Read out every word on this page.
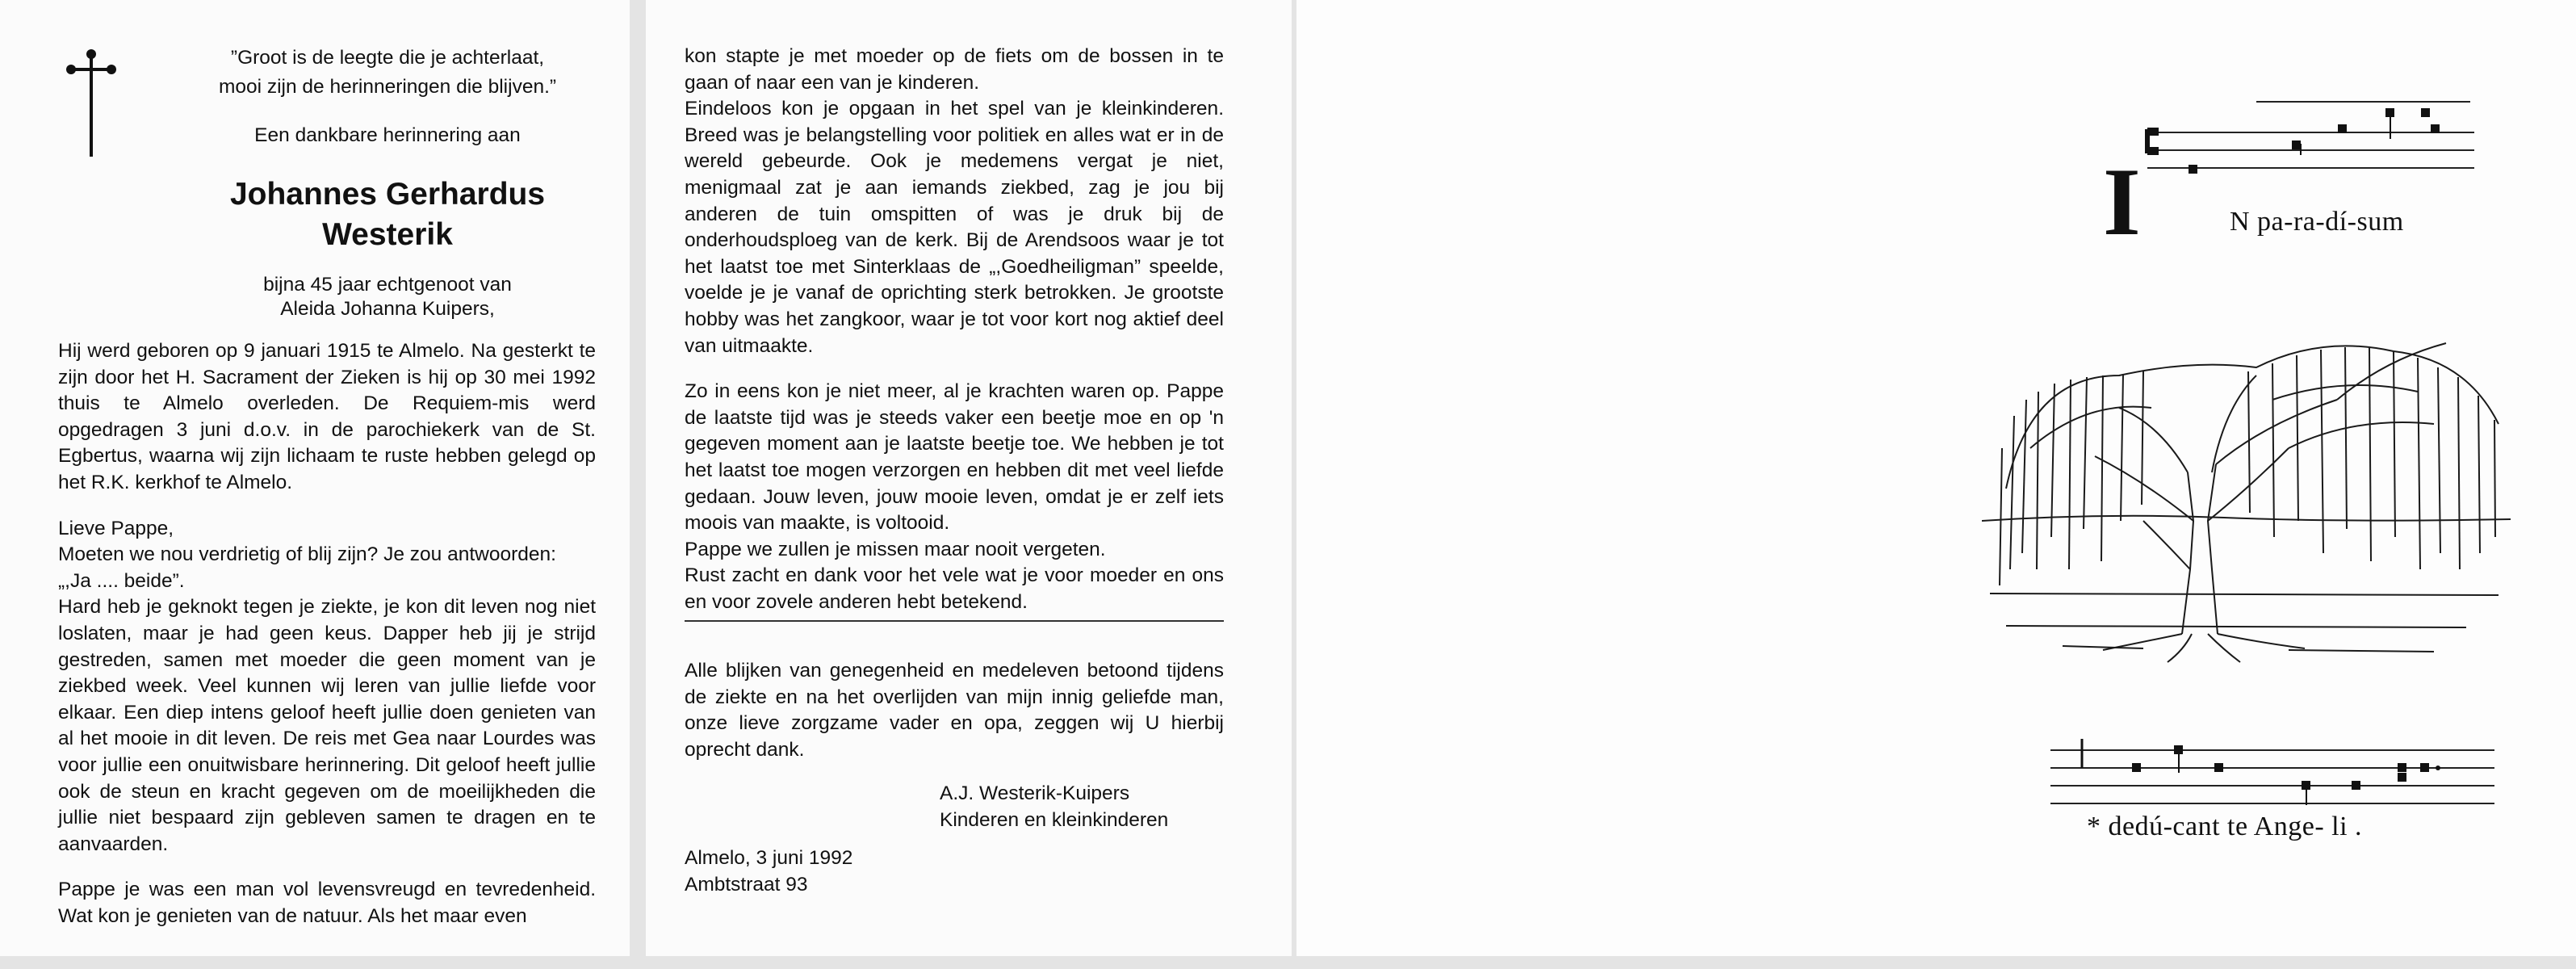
”Groot is de leegte die je achterlaat,
mooi zijn de herinneringen die blijven.”
Een dankbare herinnering aan
Johannes Gerhardus
Westerik
bijna 45 jaar echtgenoot van
Aleida Johanna Kuipers,

Hij werd geboren op 9 januari 1915 te Almelo. Na gesterkt te zijn door het H. Sacrament der Zieken is hij op 30 mei 1992 thuis te Almelo overleden. De Requiem-mis werd opgedragen 3 juni d.o.v. in de parochiekerk van de St. Egbertus, waarna wij zijn lichaam te ruste hebben gelegd op het R.K. kerkhof te Almelo.

Lieve Pappe,

Moeten we nou verdrietig of blij zijn? Je zou antwoorden:

„,Ja .... beide”.

Hard heb je geknokt tegen je ziekte, je kon dit leven nog niet loslaten, maar je had geen keus. Dapper heb jij je strijd gestreden, samen met moeder die geen moment van je ziekbed week. Veel kunnen wij leren van jullie liefde voor elkaar. Een diep intens geloof heeft jullie doen genieten van al het mooie in dit leven. De reis met Gea naar Lourdes was voor jullie een onuitwisbare herinnering. Dit geloof heeft jullie ook de steun en kracht gegeven om de moeilijkheden die jullie niet bespaard zijn gebleven samen te dragen en te aanvaarden.

Pappe je was een man vol levensvreugd en tevredenheid. Wat kon je genieten van de natuur. Als het maar even

kon stapte je met moeder op de fiets om de bossen in te gaan of naar een van je kinderen.

Eindeloos kon je opgaan in het spel van je kleinkinderen. Breed was je belangstelling voor politiek en alles wat er in de wereld gebeurde. Ook je medemens vergat je niet, menigmaal zat je aan iemands ziekbed, zag je jou bij anderen de tuin omspitten of was je druk bij de onderhoudsploeg van de kerk. Bij de Arendsoos waar je tot het laatst toe met Sinterklaas de „,Goedheiligman” speelde, voelde je je vanaf de oprichting sterk betrokken. Je grootste hobby was het zangkoor, waar je tot voor kort nog aktief deel van uitmaakte.

Zo in eens kon je niet meer, al je krachten waren op. Pappe de laatste tijd was je steeds vaker een beetje moe en op 'n gegeven moment aan je laatste beetje toe. We hebben je tot het laatst toe mogen verzorgen en hebben dit met veel liefde gedaan. Jouw leven, jouw mooie leven, omdat je er zelf iets moois van maakte, is voltooid.

Pappe we zullen je missen maar nooit vergeten.

Rust zacht en dank voor het vele wat je voor moeder en ons en voor zovele anderen hebt betekend.

Alle blijken van genegenheid en medeleven betoond tijdens de ziekte en na het overlijden van mijn innig geliefde man, onze lieve zorgzame vader en opa, zeggen wij U hierbij oprecht dank.

A.J. Westerik-Kuipers

Kinderen en kleinkinderen

Almelo, 3 juni 1992

Ambtstraat 93

I	N pa-ra-dí-sum
* dedú-cant te Ange- li .
